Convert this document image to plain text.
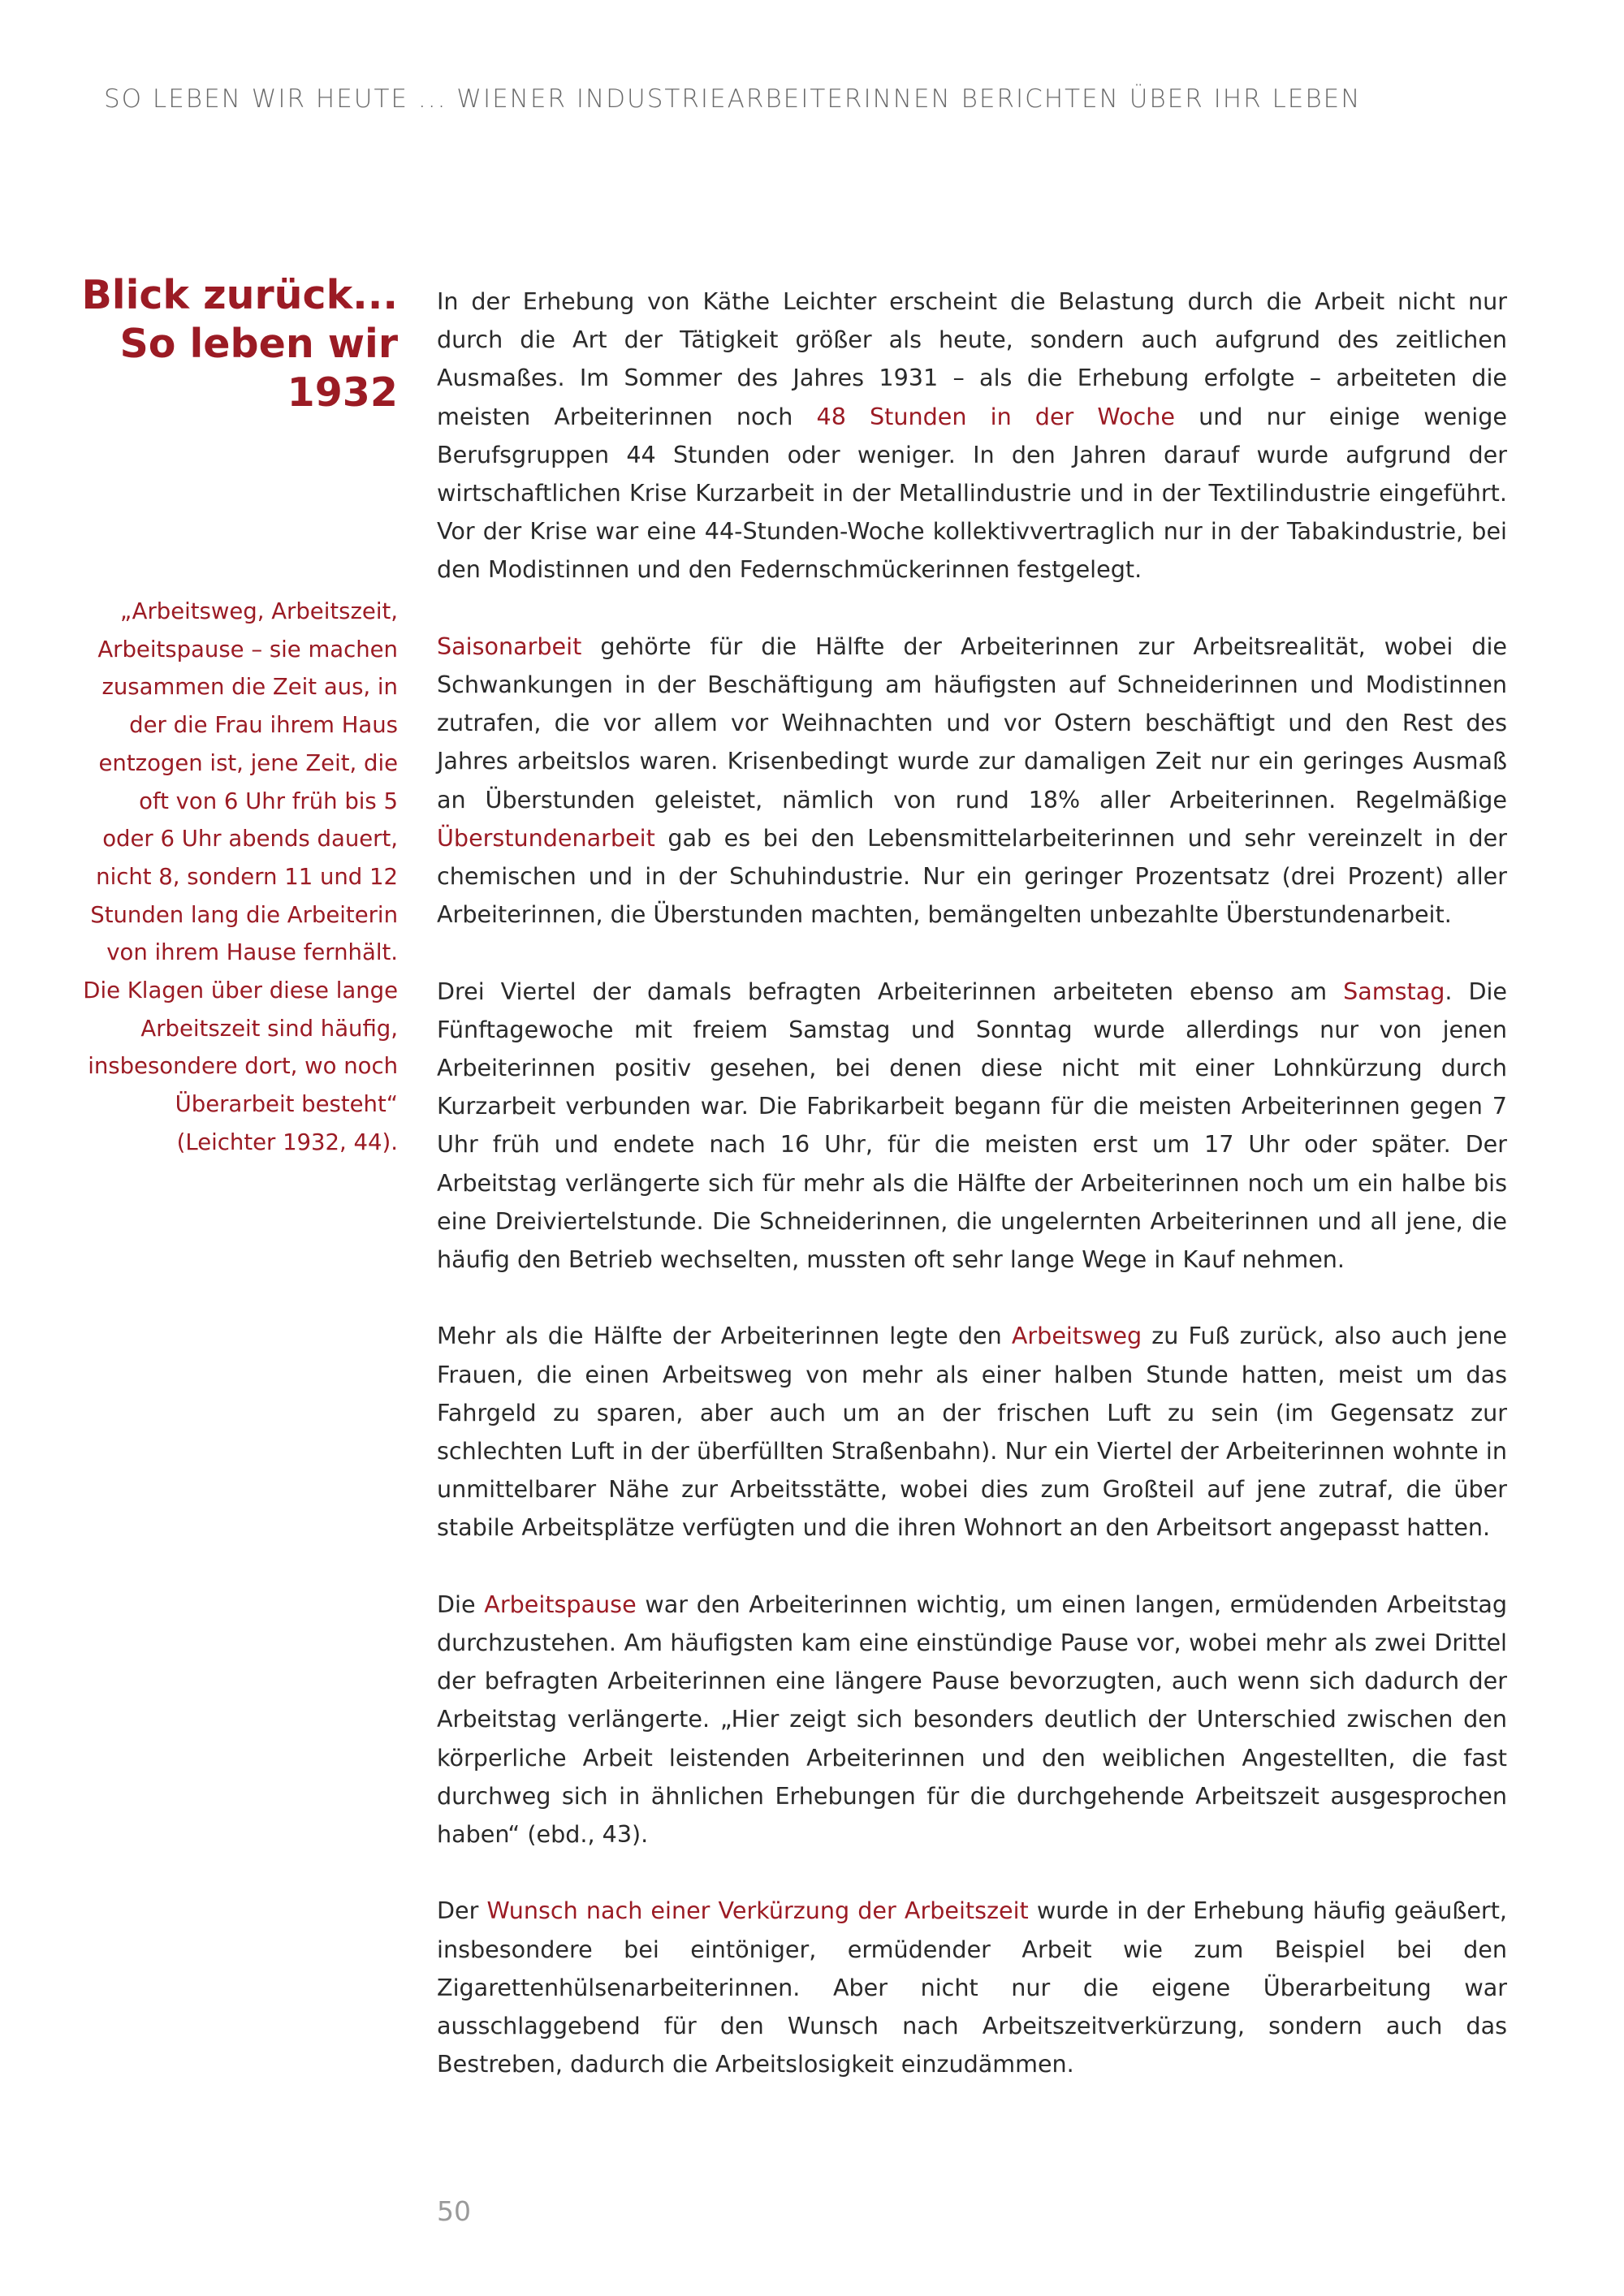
SO LEBEN WIR HEUTE ... WIENER INDUSTRIEARBEITERINNEN BERICHTEN ÜBER IHR LEBEN
Blick zurück...
So leben wir
1932
„Arbeitsweg, Arbeitszeit, Arbeitspause – sie machen zusammen die Zeit aus, in der die Frau ihrem Haus entzogen ist, jene Zeit, die oft von 6 Uhr früh bis 5 oder 6 Uhr abends dauert, nicht 8, sondern 11 und 12 Stunden lang die Arbeiterin von ihrem Hause fernhält. Die Klagen über diese lange Arbeitszeit sind häufig, insbesondere dort, wo noch Überarbeit besteht“
(Leichter 1932, 44).

In der Erhebung von Käthe Leichter erscheint die Belastung durch die Arbeit nicht nur durch die Art der Tätigkeit größer als heute, sondern auch aufgrund des zeitlichen Ausmaßes. Im Sommer des Jahres 1931 – als die Erhebung erfolgte – arbeiteten die meisten Arbeiterinnen noch 48 Stunden in der Woche und nur einige wenige Berufsgruppen 44 Stunden oder weniger. In den Jahren darauf wurde aufgrund der wirtschaftlichen Krise Kurzarbeit in der Metallindustrie und in der Textilindustrie eingeführt. Vor der Krise war eine 44-Stunden-Woche kollektivvertraglich nur in der Tabakindustrie, bei den Modistinnen und den Federnschmückerinnen festgelegt.

Saisonarbeit gehörte für die Hälfte der Arbeiterinnen zur Arbeitsrealität, wobei die Schwankungen in der Beschäftigung am häufigsten auf Schneiderinnen und Modistinnen zutrafen, die vor allem vor Weihnachten und vor Ostern beschäftigt und den Rest des Jahres arbeitslos waren. Krisenbedingt wurde zur damaligen Zeit nur ein geringes Ausmaß an Überstunden geleistet, nämlich von rund 18% aller Arbeiterinnen. Regelmäßige Überstundenarbeit gab es bei den Lebensmittelarbeiterinnen und sehr vereinzelt in der chemischen und in der Schuhindustrie. Nur ein geringer Prozentsatz (drei Prozent) aller Arbeiterinnen, die Überstunden machten, bemängelten unbezahlte Überstundenarbeit.

Drei Viertel der damals befragten Arbeiterinnen arbeiteten ebenso am Samstag. Die Fünftagewoche mit freiem Samstag und Sonntag wurde allerdings nur von jenen Arbeiterinnen positiv gesehen, bei denen diese nicht mit einer Lohnkürzung durch Kurzarbeit verbunden war. Die Fabrikarbeit begann für die meisten Arbeiterinnen gegen 7 Uhr früh und endete nach 16 Uhr, für die meisten erst um 17 Uhr oder später. Der Arbeitstag verlängerte sich für mehr als die Hälfte der Arbeiterinnen noch um ein halbe bis eine Dreiviertelstunde. Die Schneiderinnen, die ungelernten Arbeiterinnen und all jene, die häufig den Betrieb wechselten, mussten oft sehr lange Wege in Kauf nehmen.

Mehr als die Hälfte der Arbeiterinnen legte den Arbeitsweg zu Fuß zurück, also auch jene Frauen, die einen Arbeitsweg von mehr als einer halben Stunde hatten, meist um das Fahrgeld zu sparen, aber auch um an der frischen Luft zu sein (im Gegensatz zur schlechten Luft in der überfüllten Straßenbahn). Nur ein Viertel der Arbeiterinnen wohnte in unmittelbarer Nähe zur Arbeitsstätte, wobei dies zum Großteil auf jene zutraf, die über stabile Arbeitsplätze verfügten und die ihren Wohnort an den Arbeitsort angepasst hatten.

Die Arbeitspause war den Arbeiterinnen wichtig, um einen langen, ermüdenden Arbeitstag durchzustehen. Am häufigsten kam eine einstündige Pause vor, wobei mehr als zwei Drittel der befragten Arbeiterinnen eine längere Pause bevorzugten, auch wenn sich dadurch der Arbeitstag verlängerte. „Hier zeigt sich besonders deutlich der Unterschied zwischen den körperliche Arbeit leistenden Arbeiterinnen und den weiblichen Angestellten, die fast durchweg sich in ähnlichen Erhebungen für die durchgehende Arbeitszeit ausgesprochen haben“ (ebd., 43).

Der Wunsch nach einer Verkürzung der Arbeitszeit wurde in der Erhebung häufig geäußert, insbesondere bei eintöniger, ermüdender Arbeit wie zum Beispiel bei den Zigarettenhülsenarbeiterinnen. Aber nicht nur die eigene Überarbeitung war ausschlaggebend für den Wunsch nach Arbeitszeitverkürzung, sondern auch das Bestreben, dadurch die Arbeitslosigkeit einzudämmen.

50
